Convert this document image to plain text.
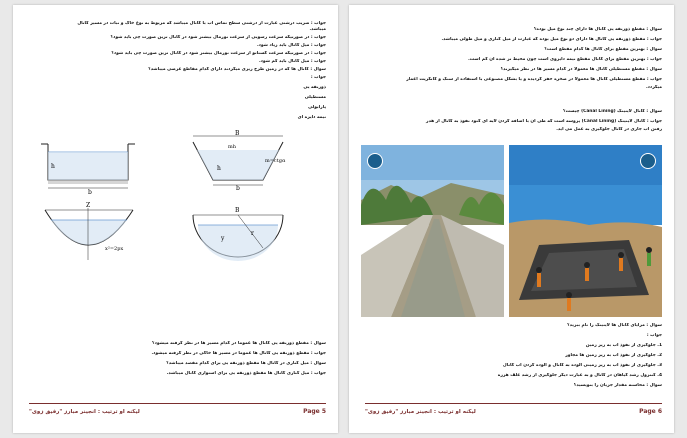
جواب : ضریب درشتی عبارت از درشتی سطح تماس اب با کانال میباشد که مربوط به نوع خاک و نبات در مسیر کانال
میباشد.
جواب : در صورتیکه سرعت رسوبی از سرعت نورمال بیشتر شود در کانال ترین صورت چی باید شود؟
جواب : میل کانال باید زیاد شود.
جواب : در صورتیکه سرعت کستاتو از سرعت نورمال بیشتر شود در کانال ترین صورت چی باید شود؟
جواب : میل کانال باید کم شود.
سوال : کانال ها که در زمین طرح ریزی میگردند دارای کدام مقاطع عرضی میباشد؟
جواب :
ذوزنقه یی
مستطیلی
پارابولی
نیمه دایره ای
b
h
B
mh
m=ctgα
b
h
Z
x²=2px
B
r
y
سوال : مقطع ذوزنقه یی کانال ها عموما در کدام مسیر ها در نظر گرفته میشود؟
جواب : مقطع ذوزنقه یی کانال ها عموما در مسیر ها خاکی در نظر گرفته میشود.
سوال : میل کناری در کانال ها مقطع ذوزنقه یی برای کدام مقصد میباشد؟
جواب : میل کناری کانال ها مقطع ذوزنقه یی برای استواری کانال میباشد.
لیکنه او ترتیب : انجینر مبارز "رفیق زوی"	Page 5
سوال : مقطع ذوزنقه یی کانال ها دارای چند نوع میل بوده؟
جواب : مقطع ذوزنقه یی کانال ها دارای دو نوع میل بوده که عبارت از میل کناری و میل طولی میباشد.
سوال : بهترین مقطع برای کانال ها کدام مقطع است؟
جواب : بهترین مقطع برای کانال مقطع نیمه دایروی است چون محیط تر شده آن کم است.
سوال : مقطع مستطیلی کانال ها معمولا در کدام مسیر ها در نظر میگیرند؟
جواب : مقطع مستطیلی کانال ها معمولا در صخره حفر گردیده و یا بشکل مصنوعی با استفاده از سنگ و کانکریت اعمار
میگردد.
سوال : کانال لاینینگ (Canal Lining) چیست؟
جواب : کانال لاینینگ (Canal Lining) پروسه است که طی ان با اضافه کردن لایه ای کتود نفوذ به کانال از هدر
رفتن اب جاری در کانال جلوگیری به عمل می اید.
سوال : مزایای کانال ها لاینینگ را نام ببرید؟
جواب :
1. جلوگیری از نفوذ اب به زیر زمین
2. جلوگیری از نفوذ اب به زیر زمین ها مجاور
3. جلوگیری از نفوذ اب به زیر زمینی الوده به کانال و الوده کردن اب کانال
4. کنترول رشد گیاهان در کانال و به عبارت دیگر جلوگیری از رشد علف هرزه
سوال : محاسنه مقدار جریان را بنویسید؟
لیکنه او ترتیب : انجینر مبارز "رفیق زوی"	Page 6
